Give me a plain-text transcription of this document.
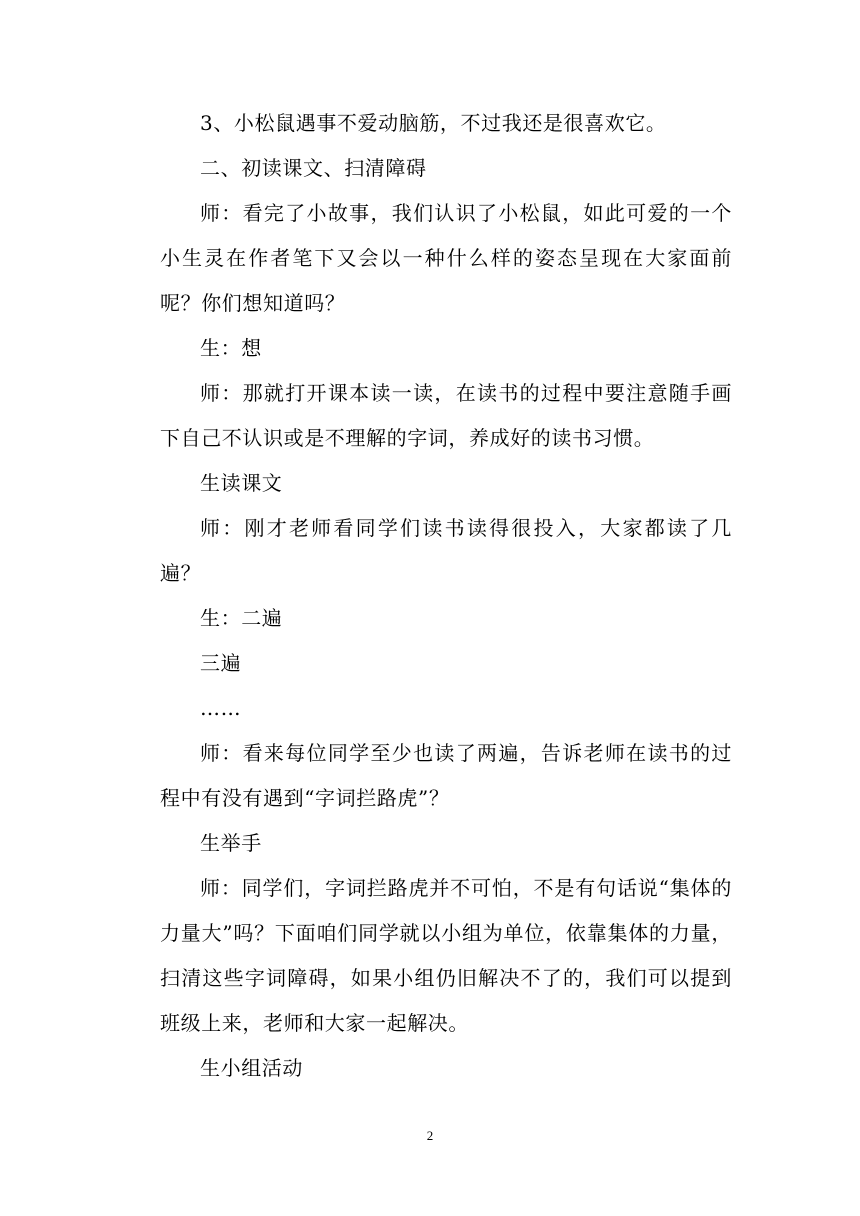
3、小松鼠遇事不爱动脑筋，不过我还是很喜欢它。

二、初读课文、扫清障碍

师：看完了小故事，我们认识了小松鼠，如此可爱的一个小生灵在作者笔下又会以一种什么样的姿态呈现在大家面前呢？你们想知道吗？

生：想

师：那就打开课本读一读，在读书的过程中要注意随手画下自己不认识或是不理解的字词，养成好的读书习惯。

生读课文

师：刚才老师看同学们读书读得很投入，大家都读了几遍？

生：二遍

三遍

……

师：看来每位同学至少也读了两遍，告诉老师在读书的过程中有没有遇到“字词拦路虎”？

生举手

师：同学们，字词拦路虎并不可怕，不是有句话说“集体的力量大”吗？下面咱们同学就以小组为单位，依靠集体的力量，扫清这些字词障碍，如果小组仍旧解决不了的，我们可以提到班级上来，老师和大家一起解决。

生小组活动

2
